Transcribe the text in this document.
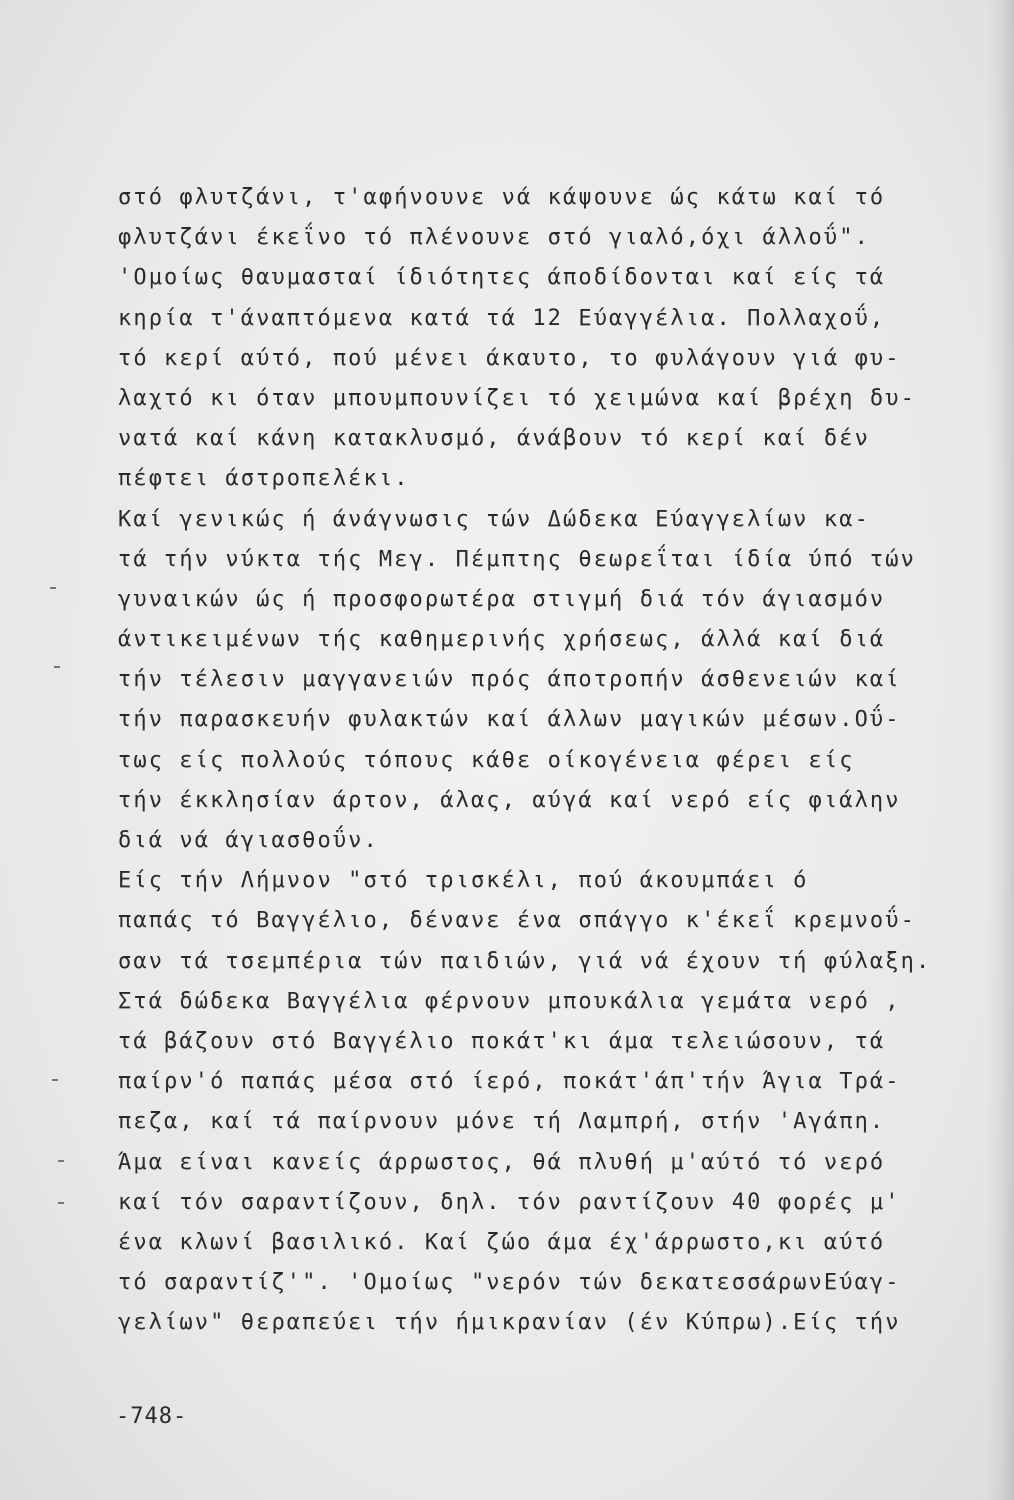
στό φλυτζάνι, τ'αφήνουνε νά κάψουνε ώς κάτω καί τό
φλυτζάνι έκεΐνο τό πλένουνε στό γιαλό,όχι άλλοΰ".
'Ομοίως θαυμασταί ίδιότητες άποδίδονται καί είς τά
κηρία τ'άναπτόμενα κατά τά 12 Εύαγγέλια. Πολλαχοΰ,
τό κερί αύτό, πού μένει άκαυτο, το φυλάγουν γιά φυ-
λαχτό κι όταν μπουμπουνίζει τό χειμώνα καί βρέχη δυ-
νατά καί κάνη κατακλυσμό, άνάβουν τό κερί καί δέν
πέφτει άστροπελέκι.
Καί γενικώς ή άνάγνωσις τών Δώδεκα Εύαγγελίων κα-
τά τήν νύκτα τής Μεγ. Πέμπτης θεωρεΐται ίδία ύπό τών
γυναικών ώς ή προσφορωτέρα στιγμή διά τόν άγιασμόν
άντικειμένων τής καθημερινής χρήσεως, άλλά καί διά
τήν τέλεσιν μαγγανειών πρός άποτροπήν άσθενειών καί
τήν παρασκευήν φυλακτών καί άλλων μαγικών μέσων.Οΰ-
τως είς πολλούς τόπους κάθε οίκογένεια φέρει είς
τήν έκκλησίαν άρτον, άλας, αύγά καί νερό είς φιάλην
διά νά άγιασθοΰν.
Είς τήν Λήμνον "στό τρισκέλι, πού άκουμπάει ό
παπάς τό Βαγγέλιο, δένανε ένα σπάγγο κ'έκεΐ κρεμνοΰ-
σαν τά τσεμπέρια τών παιδιών, γιά νά έχουν τή φύλαξη.
Στά δώδεκα Βαγγέλια φέρνουν μπουκάλια γεμάτα νερό ,
τά βάζουν στό Βαγγέλιο ποκάτ'κι άμα τελειώσουν, τά
παίρν'ό παπάς μέσα στό ίερό, ποκάτ'άπ'τήν Άγια Τρά-
πεζα, καί τά παίρνουν μόνε τή Λαμπρή, στήν 'Αγάπη.
Άμα είναι κανείς άρρωστος, θά πλυθή μ'αύτό τό νερό
καί τόν σαραντίζουν, δηλ. τόν ραντίζουν 40 φορές μ'
ένα κλωνί βασιλικό. Καί ζώο άμα έχ'άρρωστο,κι αύτό
τό σαραντίζ'". 'Ομοίως "νερόν τών δεκατεσσάρωνΕύαγ-
γελίων" θεραπεύει τήν ήμικρανίαν (έν Κύπρω).Είς τήν
-748-
